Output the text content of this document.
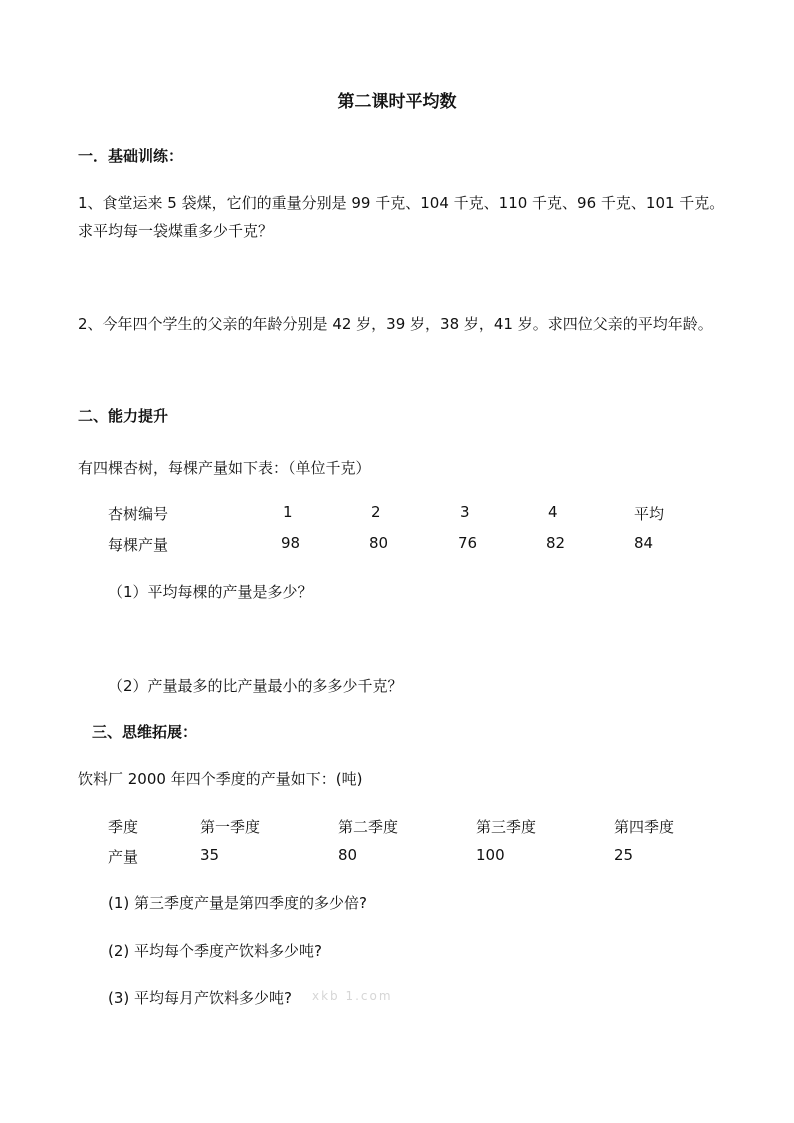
第二课时平均数
一．基础训练：
1、食堂运来 5 袋煤，它们的重量分别是 99 千克、104 千克、110 千克、96 千克、101 千克。
求平均每一袋煤重多少千克？
2、今年四个学生的父亲的年龄分别是 42 岁，39 岁，38 岁，41 岁。求四位父亲的平均年龄。
二、能力提升
有四棵杏树，每棵产量如下表：（单位千克）
杏树编号	1	2	3	4	平均
每棵产量	98	80	76	82	84
（1）平均每棵的产量是多少？
（2）产量最多的比产量最小的多多少千克？
三、思维拓展：
饮料厂 2000 年四个季度的产量如下：(吨)
季度	第一季度	第二季度	第三季度	第四季度
产量	35	80	100	25
(1) 第三季度产量是第四季度的多少倍?
(2) 平均每个季度产饮料多少吨?
(3) 平均每月产饮料多少吨? xkb 1.com
